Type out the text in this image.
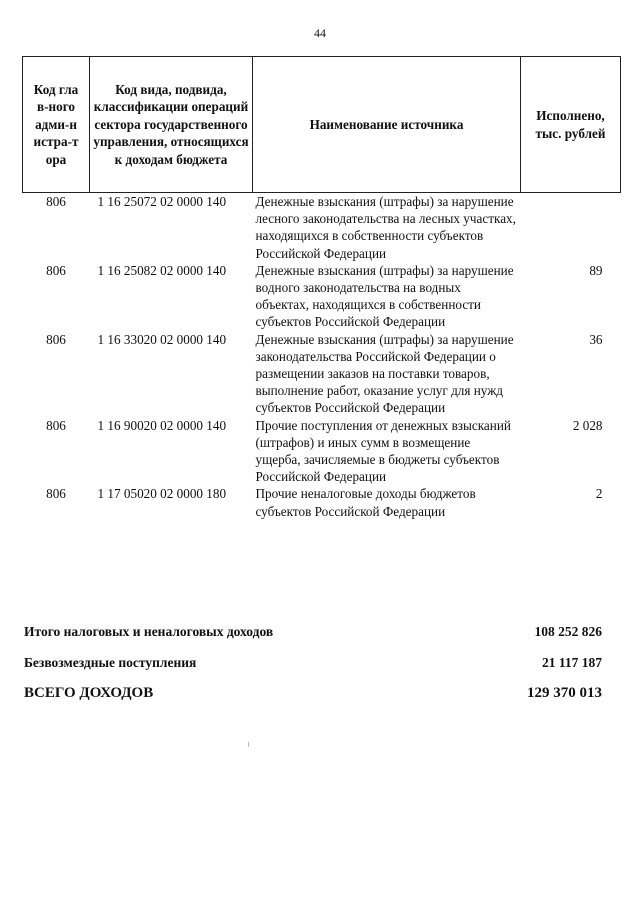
44
Код глав-ного адми-нистра-тора	Код вида, подвида, классификации операций сектора государственного управления, относящихся к доходам бюджета	Наименование источника	Исполнено, тыс. рублей
806	1 16 25072 02 0000 140	Денежные взыскания (штрафы) за нарушение лесного законодательства на лесных участках, находящихся в собственности субъектов Российской Федерации	
806	1 16 25082 02 0000 140	Денежные взыскания (штрафы) за нарушение водного законодательства на водных объектах, находящихся в собственности субъектов Российской Федерации	89
806	1 16 33020 02 0000 140	Денежные взыскания (штрафы) за нарушение законодательства Российской Федерации о размещении заказов на поставки товаров, выполнение работ, оказание услуг для нужд субъектов Российской Федерации	36
806	1 16 90020 02 0000 140	Прочие поступления от денежных взысканий (штрафов) и иных сумм в возмещение ущерба, зачисляемые в бюджеты субъектов Российской Федерации	2 028
806	1 17 05020 02 0000 180	Прочие неналоговые доходы бюджетов субъектов Российской Федерации	2
Итого налоговых и неналоговых доходов	108 252 826
Безвозмездные поступления	21 117 187
ВСЕГО ДОХОДОВ	129 370 013
